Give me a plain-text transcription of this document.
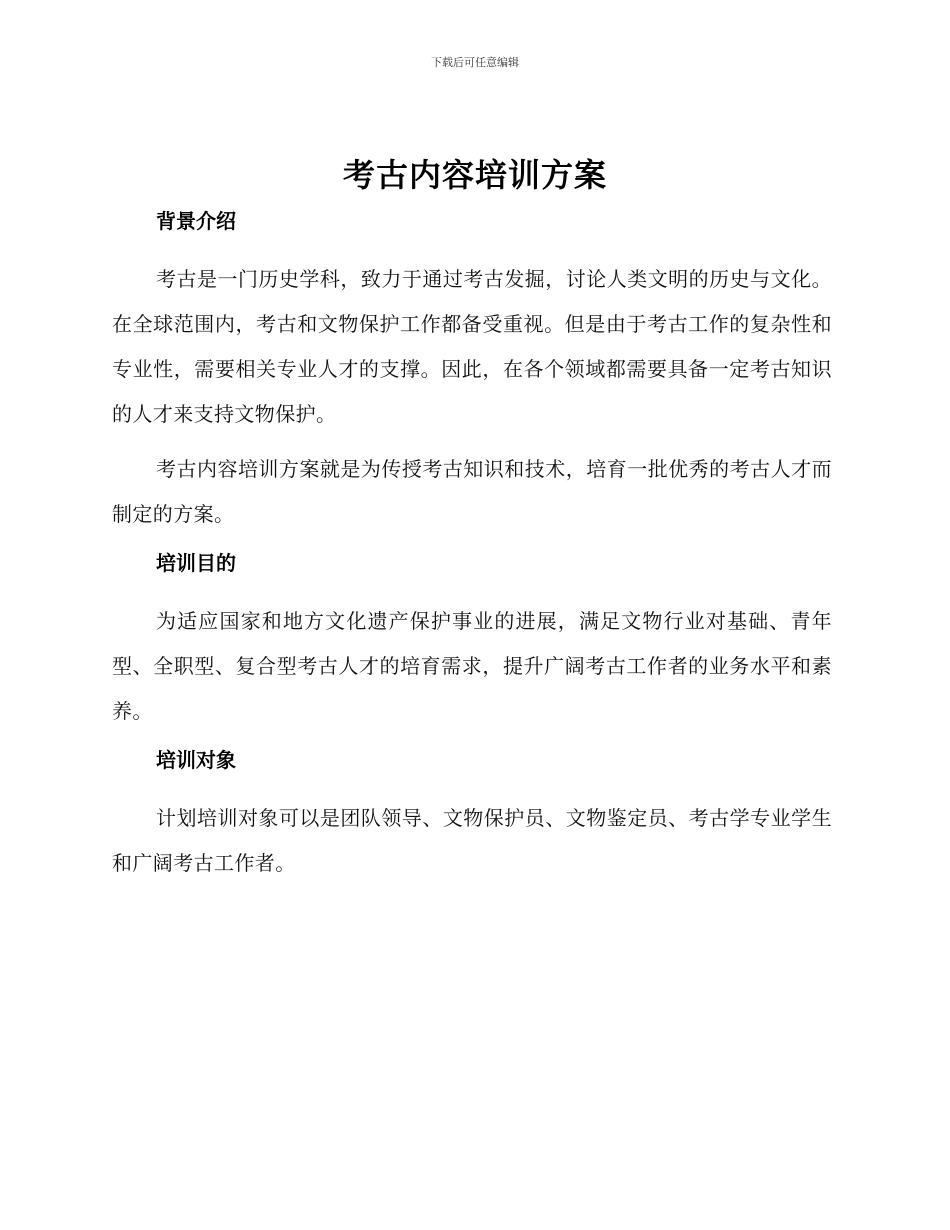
下载后可任意编辑
考古内容培训方案
背景介绍

考古是一门历史学科，致力于通过考古发掘，讨论人类文明的历史与文化。在全球范围内，考古和文物保护工作都备受重视。但是由于考古工作的复杂性和专业性，需要相关专业人才的支撑。因此，在各个领域都需要具备一定考古知识的人才来支持文物保护。

考古内容培训方案就是为传授考古知识和技术，培育一批优秀的考古人才而制定的方案。

培训目的

为适应国家和地方文化遗产保护事业的进展，满足文物行业对基础、青年型、全职型、复合型考古人才的培育需求，提升广阔考古工作者的业务水平和素养。

培训对象

计划培训对象可以是团队领导、文物保护员、文物鉴定员、考古学专业学生和广阔考古工作者。
